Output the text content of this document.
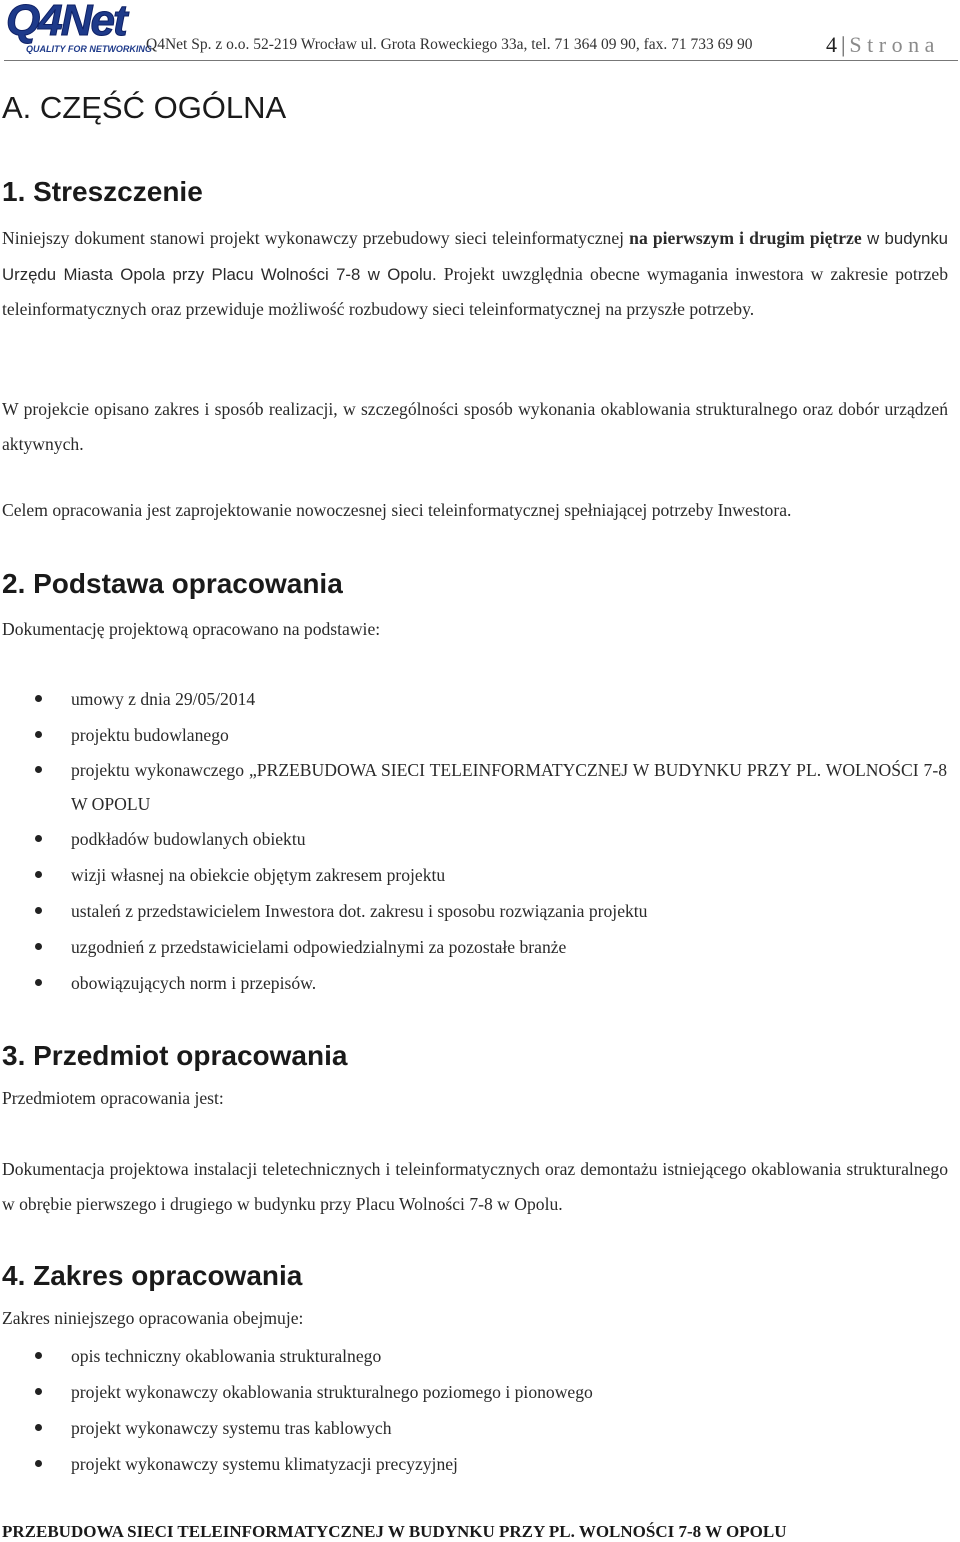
Q4Net
QUALITY FOR NETWORKING
Q4Net Sp. z o.o. 52-219 Wrocław ul. Grota Roweckiego 33a, tel. 71 364 09 90, fax. 71 733 69 90	4 | Strona
A. CZĘŚĆ OGÓLNA
1. Streszczenie
Niniejszy dokument stanowi projekt wykonawczy przebudowy sieci teleinformatycznej na pierwszym i drugim piętrze w budynku Urzędu Miasta Opola przy Placu Wolności 7-8 w Opolu. Projekt uwzględnia obecne wymagania inwestora w zakresie potrzeb teleinformatycznych oraz przewiduje możliwość rozbudowy sieci teleinformatycznej na przyszłe potrzeby.
W projekcie opisano zakres i sposób realizacji, w szczególności sposób wykonania okablowania strukturalnego oraz dobór urządzeń aktywnych.
Celem opracowania jest zaprojektowanie nowoczesnej sieci teleinformatycznej spełniającej potrzeby Inwestora.
2. Podstawa opracowania
Dokumentację projektową opracowano na podstawie:
umowy z dnia 29/05/2014
projektu budowlanego
projektu wykonawczego „PRZEBUDOWA SIECI TELEINFORMATYCZNEJ W BUDYNKU PRZY PL. WOLNOŚCI 7-8 W OPOLU
podkładów budowlanych obiektu
wizji własnej na obiekcie objętym zakresem projektu
ustaleń z przedstawicielem Inwestora dot. zakresu i sposobu rozwiązania projektu
uzgodnień z przedstawicielami odpowiedzialnymi za pozostałe branże
obowiązujących norm i przepisów.
3. Przedmiot opracowania
Przedmiotem opracowania jest:
Dokumentacja projektowa instalacji teletechnicznych i teleinformatycznych oraz demontażu istniejącego okablowania strukturalnego w obrębie pierwszego i drugiego w budynku przy Placu Wolności 7-8 w Opolu.
4. Zakres opracowania
Zakres niniejszego opracowania obejmuje:
opis techniczny okablowania strukturalnego
projekt wykonawczy okablowania strukturalnego poziomego i pionowego
projekt wykonawczy systemu tras kablowych
projekt wykonawczy systemu klimatyzacji precyzyjnej
PRZEBUDOWA SIECI TELEINFORMATYCZNEJ W BUDYNKU PRZY PL. WOLNOŚCI 7-8 W OPOLU
